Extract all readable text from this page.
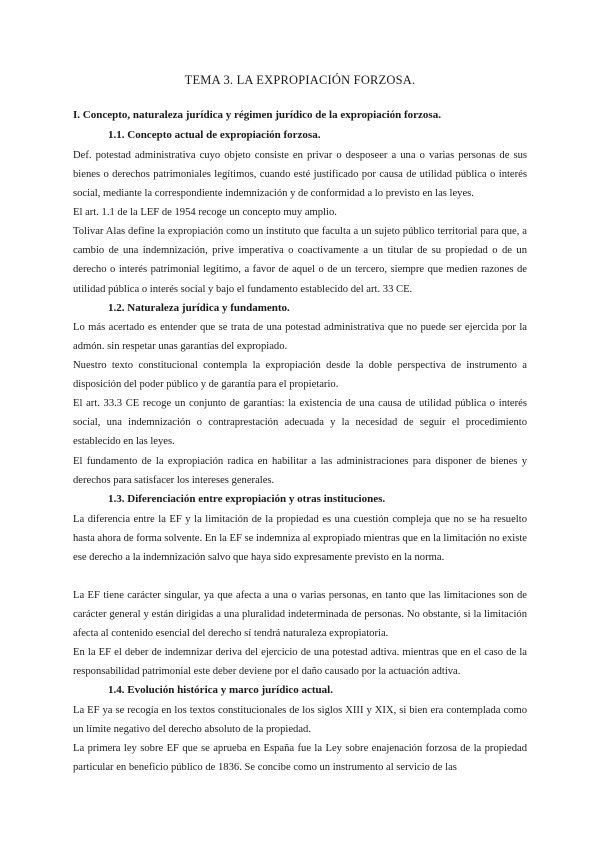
TEMA 3. LA EXPROPIACIÓN FORZOSA.
I. Concepto, naturaleza jurídica y régimen jurídico de la expropiación forzosa.
1.1. Concepto actual de expropiación forzosa.
Def. potestad administrativa cuyo objeto consiste en privar o desposeer a una o varias personas de sus bienes o derechos patrimoniales legítimos, cuando esté justificado por causa de utilidad pública o interés social, mediante la correspondiente indemnización y de conformidad a lo previsto en las leyes.
El art. 1.1 de la LEF de 1954 recoge un concepto muy amplio.
Tolivar Alas define la expropiación como un instituto que faculta a un sujeto público territorial para que, a cambio de una indemnización, prive imperativa o coactivamente a un titular de su propiedad o de un derecho o interés patrimonial legítimo, a favor de aquel o de un tercero, siempre que medien razones de utilidad pública o interés social y bajo el fundamento establecido del art. 33 CE.
1.2. Naturaleza jurídica y fundamento.
Lo más acertado es entender que se trata de una potestad administrativa que no puede ser ejercida por la admón. sin respetar unas garantías del expropiado.
Nuestro texto constitucional contempla la expropiación desde la doble perspectiva de instrumento a disposición del poder público y de garantía para el propietario.
El art. 33.3 CE recoge un conjunto de garantías: la existencia de una causa de utilidad pública o interés social, una indemnización o contraprestación adecuada y la necesidad de seguir el procedimiento establecido en las leyes.
El fundamento de la expropiación radica en habilitar a las administraciones para disponer de bienes y derechos para satisfacer los intereses generales.
1.3. Diferenciación entre expropiación y otras instituciones.
La diferencia entre la EF y la limitación de la propiedad es una cuestión compleja que no se ha resuelto hasta ahora de forma solvente. En la EF se indemniza al expropiado mientras que en la limitación no existe ese derecho a la indemnización salvo que haya sido expresamente previsto en la norma.
La EF tiene carácter singular, ya que afecta a una o varias personas, en tanto que las limitaciones son de carácter general y están dirigidas a una pluralidad indeterminada de personas. No obstante, si la limitación afecta al contenido esencial del derecho sí tendrá naturaleza expropiatoria.
En la EF el deber de indemnizar deriva del ejercicio de una potestad adtiva. mientras que en el caso de la responsabilidad patrimonial este deber deviene por el daño causado por la actuación adtiva.
1.4. Evolución histórica y marco jurídico actual.
La EF ya se recogía en los textos constitucionales de los siglos XIII y XIX, si bien era contemplada como un límite negativo del derecho absoluto de la propiedad.
La primera ley sobre EF que se aprueba en España fue la Ley sobre enajenación forzosa de la propiedad particular en beneficio público de 1836. Se concibe como un instrumento al servicio de las
